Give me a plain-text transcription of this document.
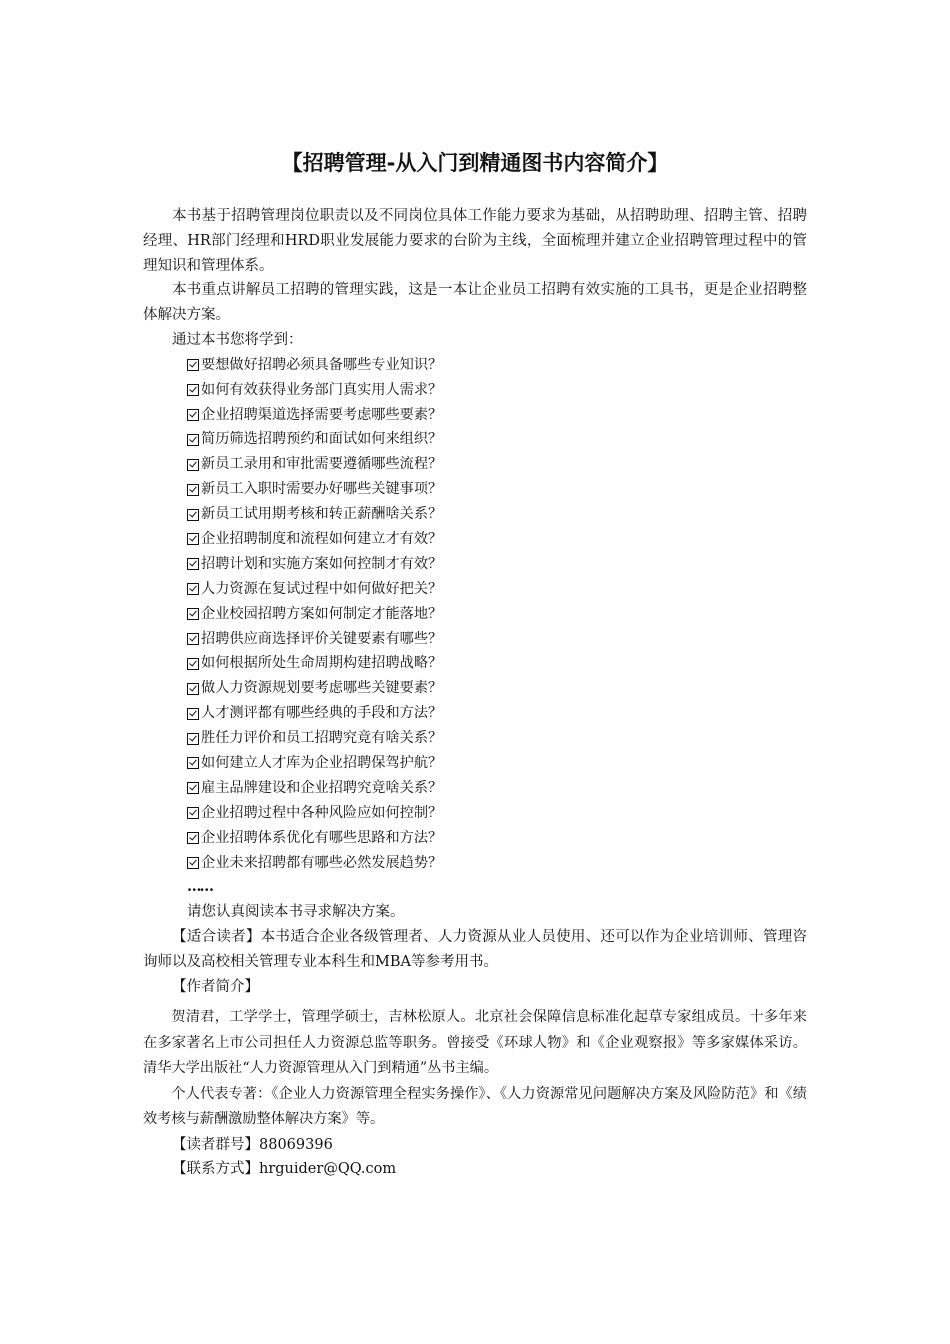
【招聘管理-从入门到精通图书内容简介】

本书基于招聘管理岗位职责以及不同岗位具体工作能力要求为基础，从招聘助理、招聘主管、招聘经理、HR部门经理和HRD职业发展能力要求的台阶为主线，全面梳理并建立企业招聘管理过程中的管理知识和管理体系。

本书重点讲解员工招聘的管理实践，这是一本让企业员工招聘有效实施的工具书，更是企业招聘整体解决方案。

通过本书您将学到：

要想做好招聘必须具备哪些专业知识？
如何有效获得业务部门真实用人需求？
企业招聘渠道选择需要考虑哪些要素？
简历筛选招聘预约和面试如何来组织？
新员工录用和审批需要遵循哪些流程？
新员工入职时需要办好哪些关键事项？
新员工试用期考核和转正薪酬啥关系？
企业招聘制度和流程如何建立才有效？
招聘计划和实施方案如何控制才有效？
人力资源在复试过程中如何做好把关？
企业校园招聘方案如何制定才能落地？
招聘供应商选择评价关键要素有哪些？
如何根据所处生命周期构建招聘战略？
做人力资源规划要考虑哪些关键要素？
人才测评都有哪些经典的手段和方法？
胜任力评价和员工招聘究竟有啥关系？
如何建立人才库为企业招聘保驾护航？
雇主品牌建设和企业招聘究竟啥关系？
企业招聘过程中各种风险应如何控制？
企业招聘体系优化有哪些思路和方法？
企业未来招聘都有哪些必然发展趋势？
……
请您认真阅读本书寻求解决方案。

【适合读者】本书适合企业各级管理者、人力资源从业人员使用、还可以作为企业培训师、管理咨询师以及高校相关管理专业本科生和MBA等参考用书。

【作者简介】

贺清君，工学学士，管理学硕士，吉林松原人。北京社会保障信息标准化起草专家组成员。十多年来在多家著名上市公司担任人力资源总监等职务。曾接受《环球人物》和《企业观察报》等多家媒体采访。清华大学出版社“人力资源管理从入门到精通”丛书主编。

个人代表专著：《企业人力资源管理全程实务操作》、《人力资源常见问题解决方案及风险防范》和《绩效考核与薪酬激励整体解决方案》等。

【读者群号】88069396

【联系方式】hrguider@QQ.com
